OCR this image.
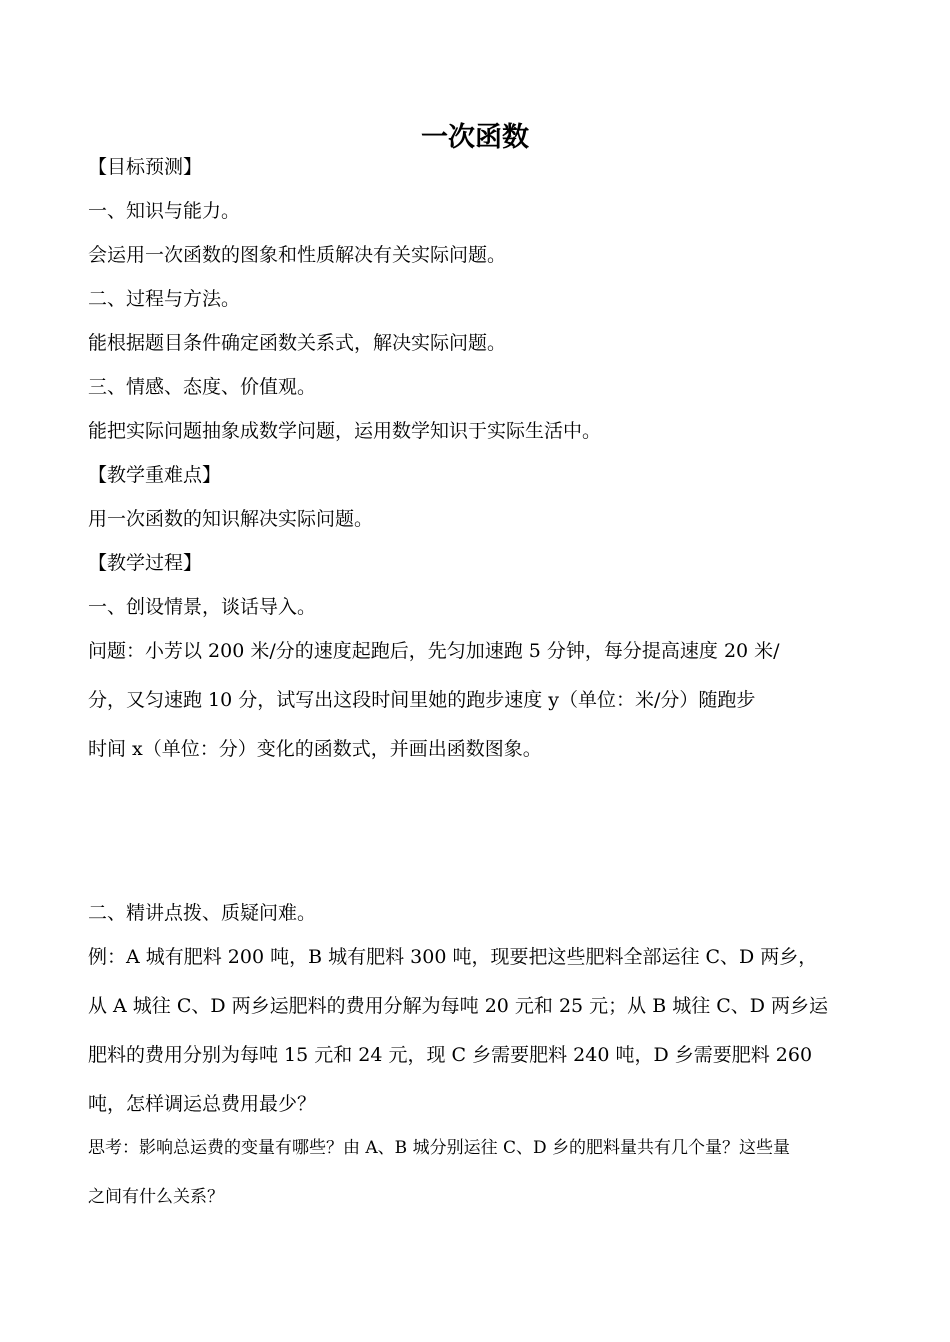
一次函数
【目标预测】
一、知识与能力。
会运用一次函数的图象和性质解决有关实际问题。
二、过程与方法。
能根据题目条件确定函数关系式，解决实际问题。
三、情感、态度、价值观。
能把实际问题抽象成数学问题，运用数学知识于实际生活中。
【教学重难点】
用一次函数的知识解决实际问题。
【教学过程】
一、创设情景，谈话导入。
问题：小芳以 200 米/分的速度起跑后，先匀加速跑 5 分钟，每分提高速度 20 米/
分，又匀速跑 10 分，试写出这段时间里她的跑步速度 y（单位：米/分）随跑步
时间 x（单位：分）变化的函数式，并画出函数图象。
二、精讲点拨、质疑问难。
例：A 城有肥料 200 吨，B 城有肥料 300 吨，现要把这些肥料全部运往 C、D 两乡，
从 A 城往 C、D 两乡运肥料的费用分解为每吨 20 元和 25 元；从 B 城往 C、D 两乡运
肥料的费用分别为每吨 15 元和 24 元，现 C 乡需要肥料 240 吨，D 乡需要肥料 260
吨，怎样调运总费用最少？
思考：影响总运费的变量有哪些？由 A、B 城分别运往 C、D 乡的肥料量共有几个量？这些量
之间有什么关系？
